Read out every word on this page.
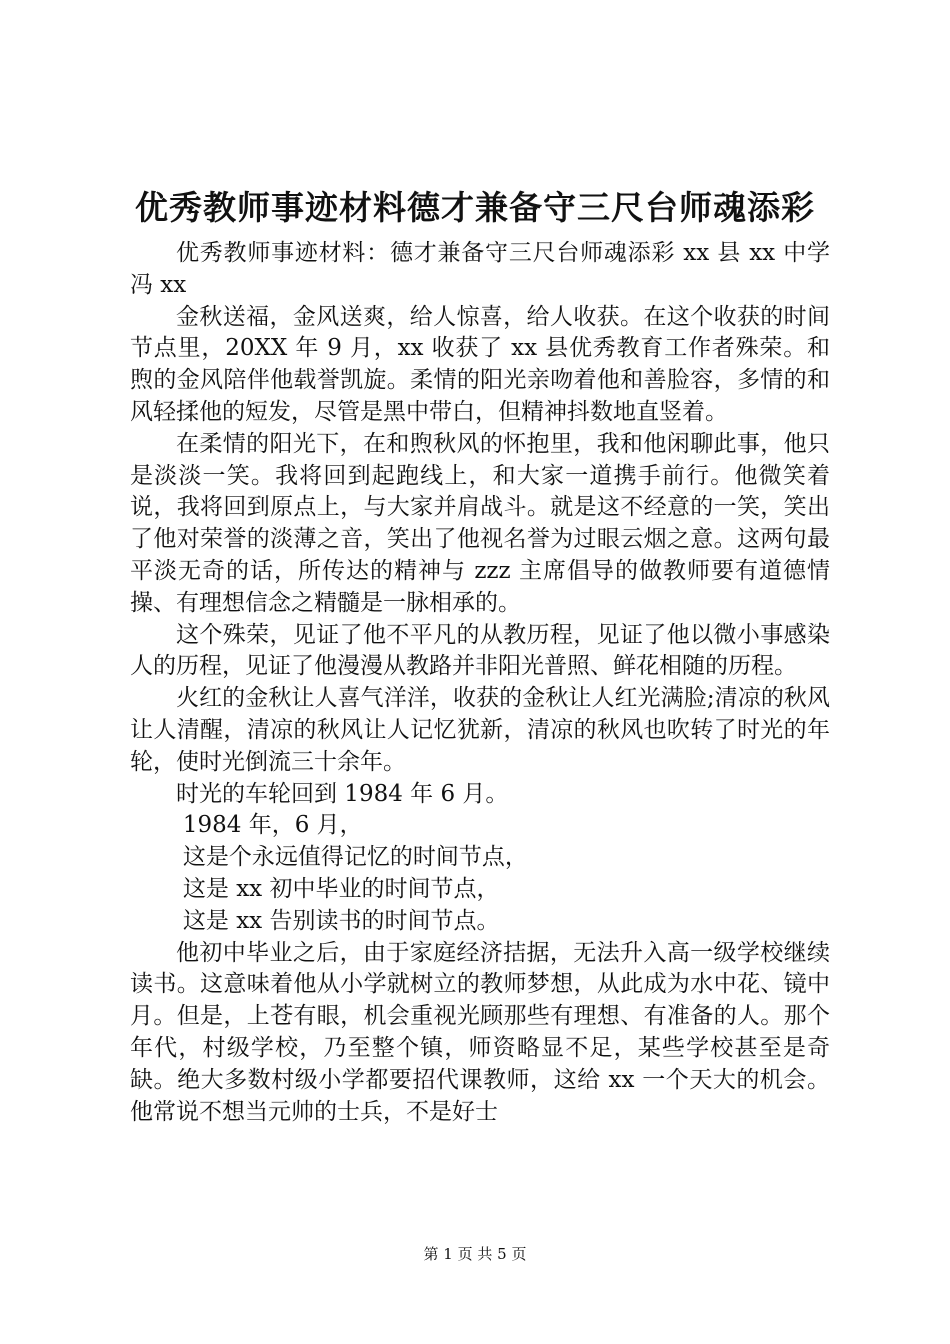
优秀教师事迹材料德才兼备守三尺台师魂添彩

优秀教师事迹材料：德才兼备守三尺台师魂添彩 xx 县 xx 中学冯 xx

金秋送福，金风送爽，给人惊喜，给人收获。在这个收获的时间节点里，20XX 年 9 月，xx 收获了 xx 县优秀教育工作者殊荣。和煦的金风陪伴他载誉凯旋。柔情的阳光亲吻着他和善脸容，多情的和风轻揉他的短发，尽管是黑中带白，但精神抖数地直竖着。

在柔情的阳光下，在和煦秋风的怀抱里，我和他闲聊此事，他只是淡淡一笑。我将回到起跑线上，和大家一道携手前行。他微笑着说，我将回到原点上，与大家并肩战斗。就是这不经意的一笑，笑出了他对荣誉的淡薄之音，笑出了他视名誉为过眼云烟之意。这两句最平淡无奇的话，所传达的精神与 zzz 主席倡导的做教师要有道德情操、有理想信念之精髓是一脉相承的。

这个殊荣，见证了他不平凡的从教历程，见证了他以微小事感染人的历程，见证了他漫漫从教路并非阳光普照、鲜花相随的历程。

火红的金秋让人喜气洋洋，收获的金秋让人红光满脸;清凉的秋风让人清醒，清凉的秋风让人记忆犹新，清凉的秋风也吹转了时光的年轮，使时光倒流三十余年。

时光的车轮回到 1984 年 6 月。

1984 年，6 月，

这是个永远值得记忆的时间节点，

这是 xx 初中毕业的时间节点，

这是 xx 告别读书的时间节点。

他初中毕业之后，由于家庭经济拮据，无法升入高一级学校继续读书。这意味着他从小学就树立的教师梦想，从此成为水中花、镜中月。但是，上苍有眼，机会重视光顾那些有理想、有准备的人。那个年代，村级学校，乃至整个镇，师资略显不足，某些学校甚至是奇缺。绝大多数村级小学都要招代课教师，这给 xx 一个天大的机会。他常说不想当元帅的士兵，不是好士

第 1 页 共 5 页
